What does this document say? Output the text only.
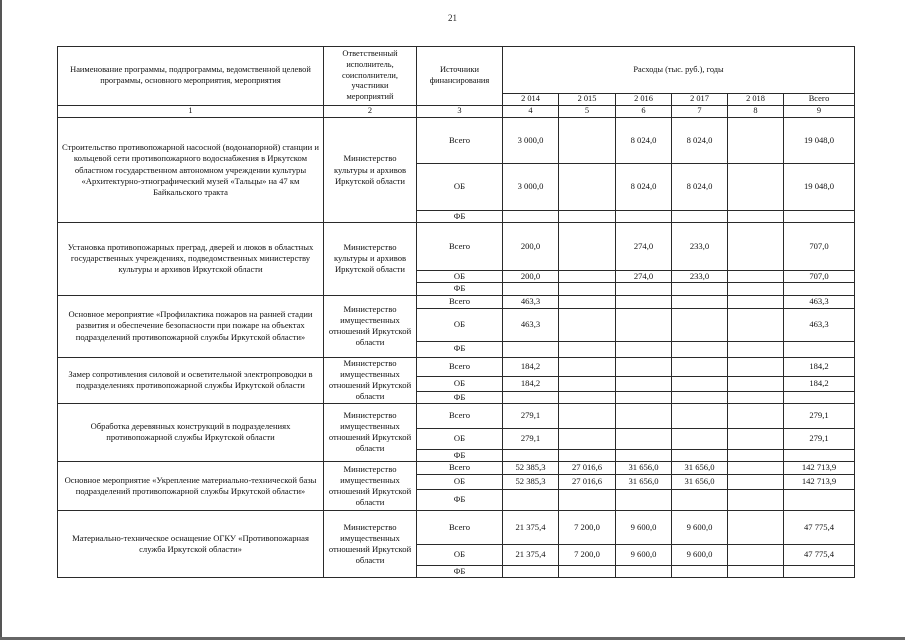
21
Наименование программы, подпрограммы, ведомственной целевой программы, основного мероприятия, мероприятия	Ответственный исполнитель, соисполнители, участники мероприятий	Источники финансирования	Расходы (тыс. руб.), годы					
			2 014	2 015	2 016	2 017	2 018	Всего
1	2	3	4	5	6	7	8	9
Строительство противопожарной насосной (водонапорной) станции и кольцевой сети противопожарного водоснабжения в Иркутском областном государственном автономном учреждении культуры «Архитектурно-этнографический музей «Тальцы» на 47 км Байкальского тракта	Министерство культуры и архивов Иркутской области	Всего	3 000,0		8 024,0	8 024,0		19 048,0
		ОБ	3 000,0		8 024,0	8 024,0		19 048,0
		ФБ						
Установка противопожарных преград, дверей и люков в областных государственных учреждениях, подведомственных министерству культуры и архивов Иркутской области	Министерство культуры и архивов Иркутской области	Всего	200,0		274,0	233,0		707,0
		ОБ	200,0		274,0	233,0		707,0
		ФБ						
Основное мероприятие «Профилактика пожаров на ранней стадии развития и обеспечение безопасности при пожаре на объектах подразделений противопожарной службы Иркутской области»	Министерство имущественных отношений Иркутской области	Всего	463,3					463,3
		ОБ	463,3					463,3
		ФБ						
Замер сопротивления силовой и осветительной электропроводки в подразделениях противопожарной службы Иркутской области	Министерство имущественных отношений Иркутской области	Всего	184,2					184,2
		ОБ	184,2					184,2
		ФБ						
Обработка деревянных конструкций в подразделениях противопожарной службы Иркутской области	Министерство имущественных отношений Иркутской области	Всего	279,1					279,1
		ОБ	279,1					279,1
		ФБ						
Основное мероприятие «Укрепление материально-технической базы подразделений противопожарной службы Иркутской области»	Министерство имущественных отношений Иркутской области	Всего	52 385,3	27 016,6	31 656,0	31 656,0		142 713,9
		ОБ	52 385,3	27 016,6	31 656,0	31 656,0		142 713,9
		ФБ						
Материально-техническое оснащение ОГКУ «Противопожарная служба Иркутской области»	Министерство имущественных отношений Иркутской области	Всего	21 375,4	7 200,0	9 600,0	9 600,0		47 775,4
		ОБ	21 375,4	7 200,0	9 600,0	9 600,0		47 775,4
		ФБ						
